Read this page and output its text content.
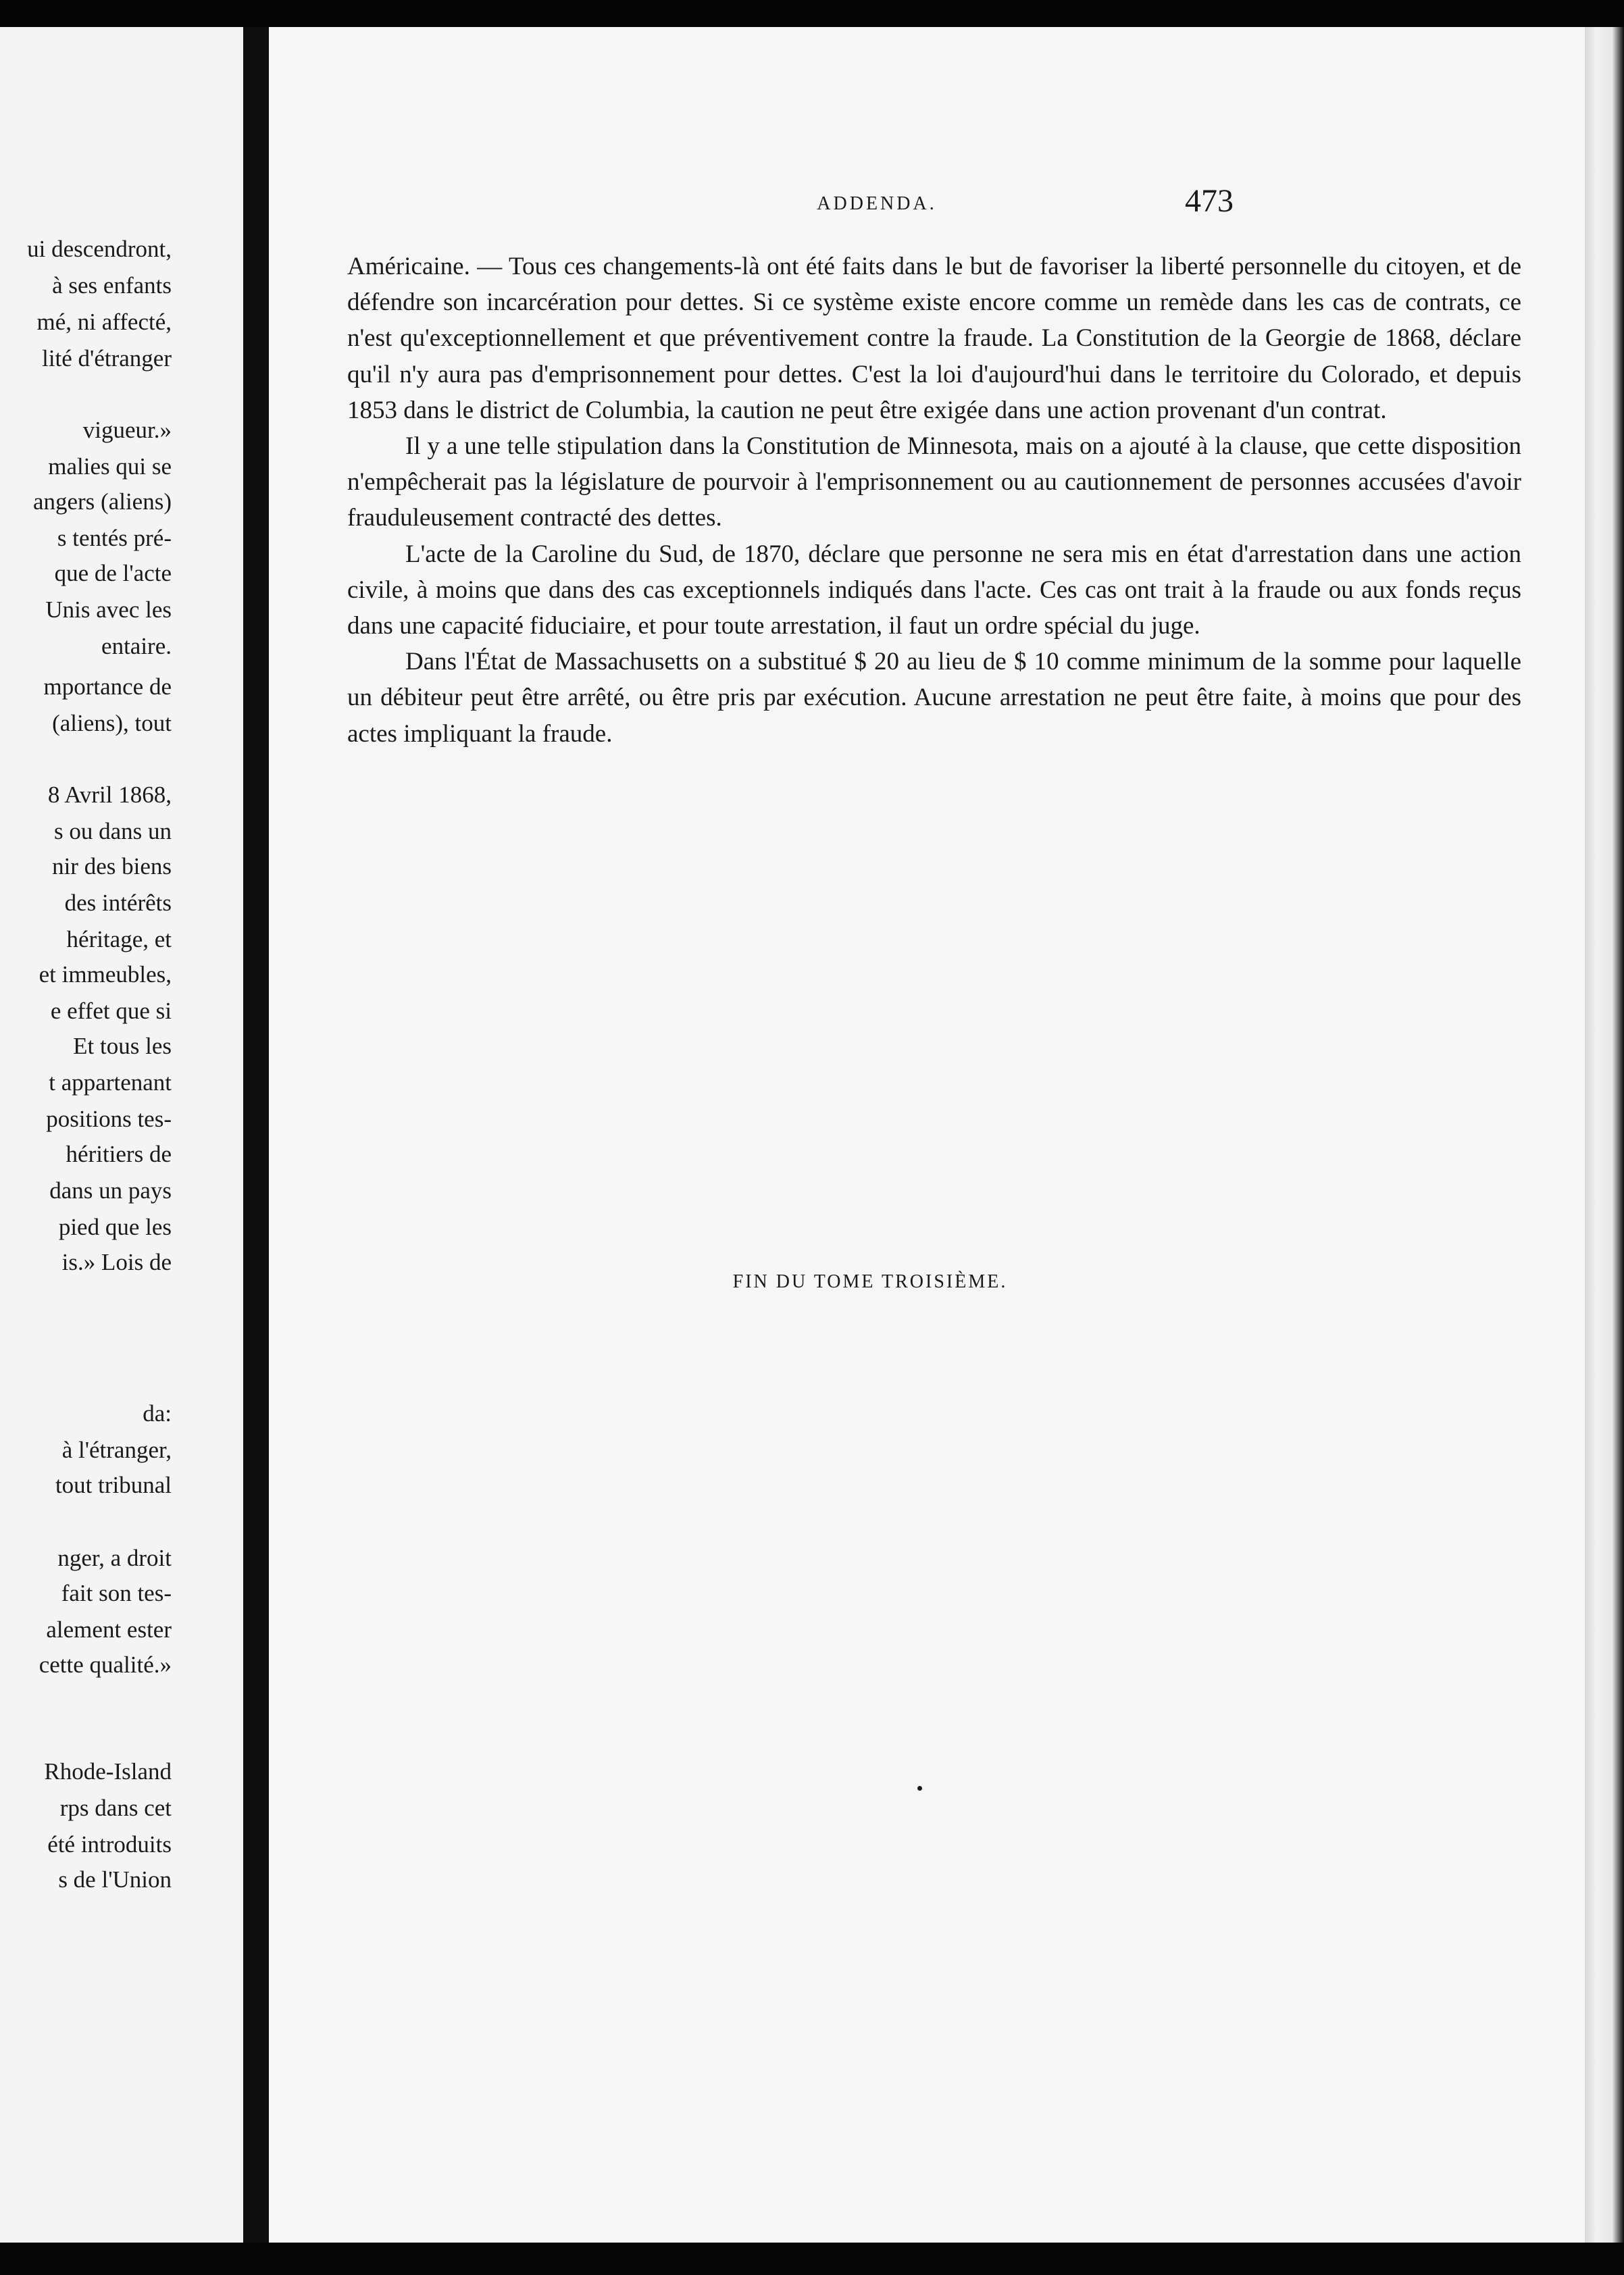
ui descendront,
à ses enfants
mé, ni affecté,
lité d'étranger
vigueur.»
malies qui se
angers (aliens)
s tentés pré-
que de l'acte
Unis avec les
entaire.
mportance de
(aliens), tout
8 Avril 1868,
s ou dans un
nir des biens
des intérêts
héritage, et
et immeubles,
e effet que si
Et tous les
t appartenant
positions tes-
héritiers de
dans un pays
pied que les
is.» Lois de
da:
à l'étranger,
tout tribunal
nger, a droit
fait son tes-
alement ester
cette qualité.»
Rhode-Island
rps dans cet
été introduits
s de l'Union
ADDENDA.	473

Américaine. — Tous ces changements-là ont été faits dans le but de favoriser la liberté personnelle du citoyen, et de défendre son incarcération pour dettes. Si ce système existe encore comme un remède dans les cas de contrats, ce n'est qu'exceptionnellement et que préventivement contre la fraude. La Constitution de la Georgie de 1868, déclare qu'il n'y aura pas d'emprisonnement pour dettes. C'est la loi d'aujourd'hui dans le territoire du Colorado, et depuis 1853 dans le district de Columbia, la caution ne peut être exigée dans une action provenant d'un contrat.

Il y a une telle stipulation dans la Constitution de Minnesota, mais on a ajouté à la clause, que cette disposition n'empêcherait pas la législature de pourvoir à l'emprisonnement ou au cautionnement de personnes accusées d'avoir frauduleusement contracté des dettes.

L'acte de la Caroline du Sud, de 1870, déclare que personne ne sera mis en état d'arrestation dans une action civile, à moins que dans des cas exceptionnels indiqués dans l'acte. Ces cas ont trait à la fraude ou aux fonds reçus dans une capacité fiduciaire, et pour toute arrestation, il faut un ordre spécial du juge.

Dans l'État de Massachusetts on a substitué $ 20 au lieu de $ 10 comme minimum de la somme pour laquelle un débiteur peut être arrêté, ou être pris par exécution. Aucune arrestation ne peut être faite, à moins que pour des actes impliquant la fraude.

FIN DU TOME TROISIÈME.
